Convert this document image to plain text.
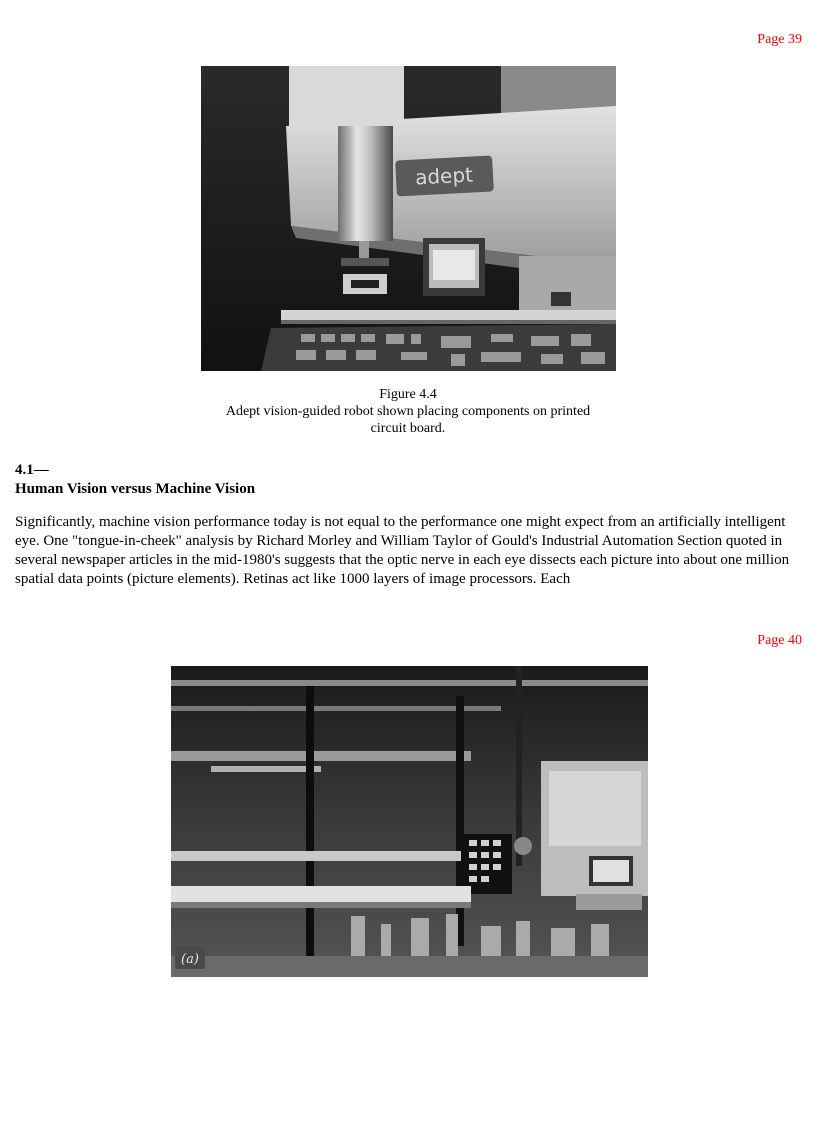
Page 39
adept
Figure 4.4
Adept vision-guided robot shown placing components on printed circuit board.
4.1—
Human Vision versus Machine Vision
Significantly, machine vision performance today is not equal to the performance one might expect from an artificially intelligent eye. One "tongue-in-cheek" analysis by Richard Morley and William Taylor of Gould's Industrial Automation Section quoted in several newspaper articles in the mid-1980's suggests that the optic nerve in each eye dissects each picture into about one million spatial data points (picture elements). Retinas act like 1000 layers of image processors. Each
Page 40
(a)
